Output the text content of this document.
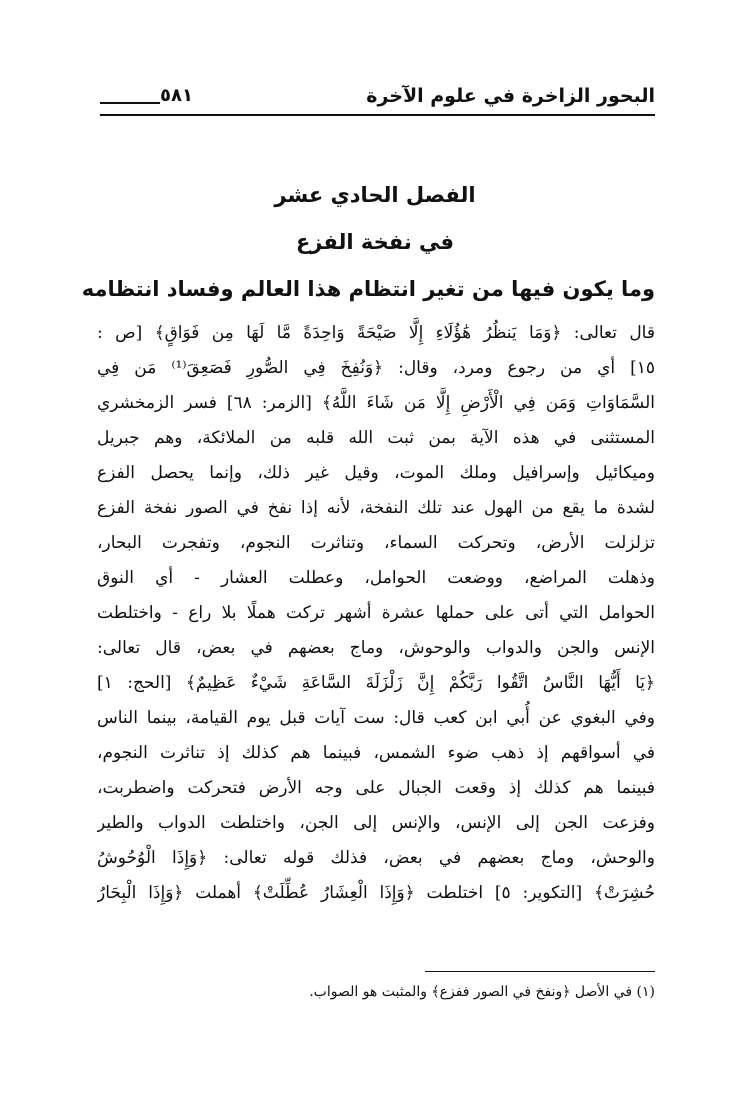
البحور الزاخرة في علوم الآخرة
٥٨١
الفصل الحادي عشر
في نفخة الفزع
وما يكون فيها من تغير انتظام هذا العالم وفساد انتظامه
قال تعالى: ﴿وَمَا يَنظُرُ هَٰؤُلَاءِ إِلَّا صَيْحَةً وَاحِدَةً مَّا لَهَا مِن فَوَاقٍ﴾ [ص :
١٥] أي من رجوع ومرد، وقال: ﴿وَنُفِخَ فِي الصُّورِ فَصَعِقَ⁽¹⁾ مَن فِي
السَّمَاوَاتِ وَمَن فِي الْأَرْضِ إِلَّا مَن شَاءَ اللَّهُ﴾ [الزمر: ٦٨] فسر الزمخشري
المستثنى في هذه الآية بمن ثبت الله قلبه من الملائكة، وهم جبريل
وميكائيل وإسرافيل وملك الموت، وقيل غير ذلك، وإنما يحصل الفزع
لشدة ما يقع من الهول عند تلك النفخة، لأنه إذا نفخ في الصور نفخة الفزع
تزلزلت الأرض، وتحركت السماء، وتناثرت النجوم، وتفجرت البحار،
وذهلت المراضع، ووضعت الحوامل، وعطلت العشار - أي النوق
الحوامل التي أتى على حملها عشرة أشهر تركت هملًا بلا راع - واختلطت
الإنس والجن والدواب والوحوش، وماج بعضهم في بعض، قال تعالى:
﴿يَا أَيُّهَا النَّاسُ اتَّقُوا رَبَّكُمْ إِنَّ زَلْزَلَةَ السَّاعَةِ شَيْءٌ عَظِيمٌ﴾ [الحج: ١]
وفي البغوي عن أُبي ابن كعب قال: ست آيات قبل يوم القيامة، بينما الناس
في أسواقهم إذ ذهب ضوء الشمس، فبينما هم كذلك إذ تناثرت النجوم،
فبينما هم كذلك إذ وقعت الجبال على وجه الأرض فتحركت واضطربت،
وفزعت الجن إلى الإنس، والإنس إلى الجن، واختلطت الدواب والطير
والوحش، وماج بعضهم في بعض، فذلك قوله تعالى: ﴿وَإِذَا الْوُحُوشُ
حُشِرَتْ﴾ [التكوير: ٥] اختلطت ﴿وَإِذَا الْعِشَارُ عُطِّلَتْ﴾ أهملت ﴿وَإِذَا الْبِحَارُ
(١) في الأصل ﴿ونفخ في الصور ففزع﴾ والمثبت هو الصواب.
